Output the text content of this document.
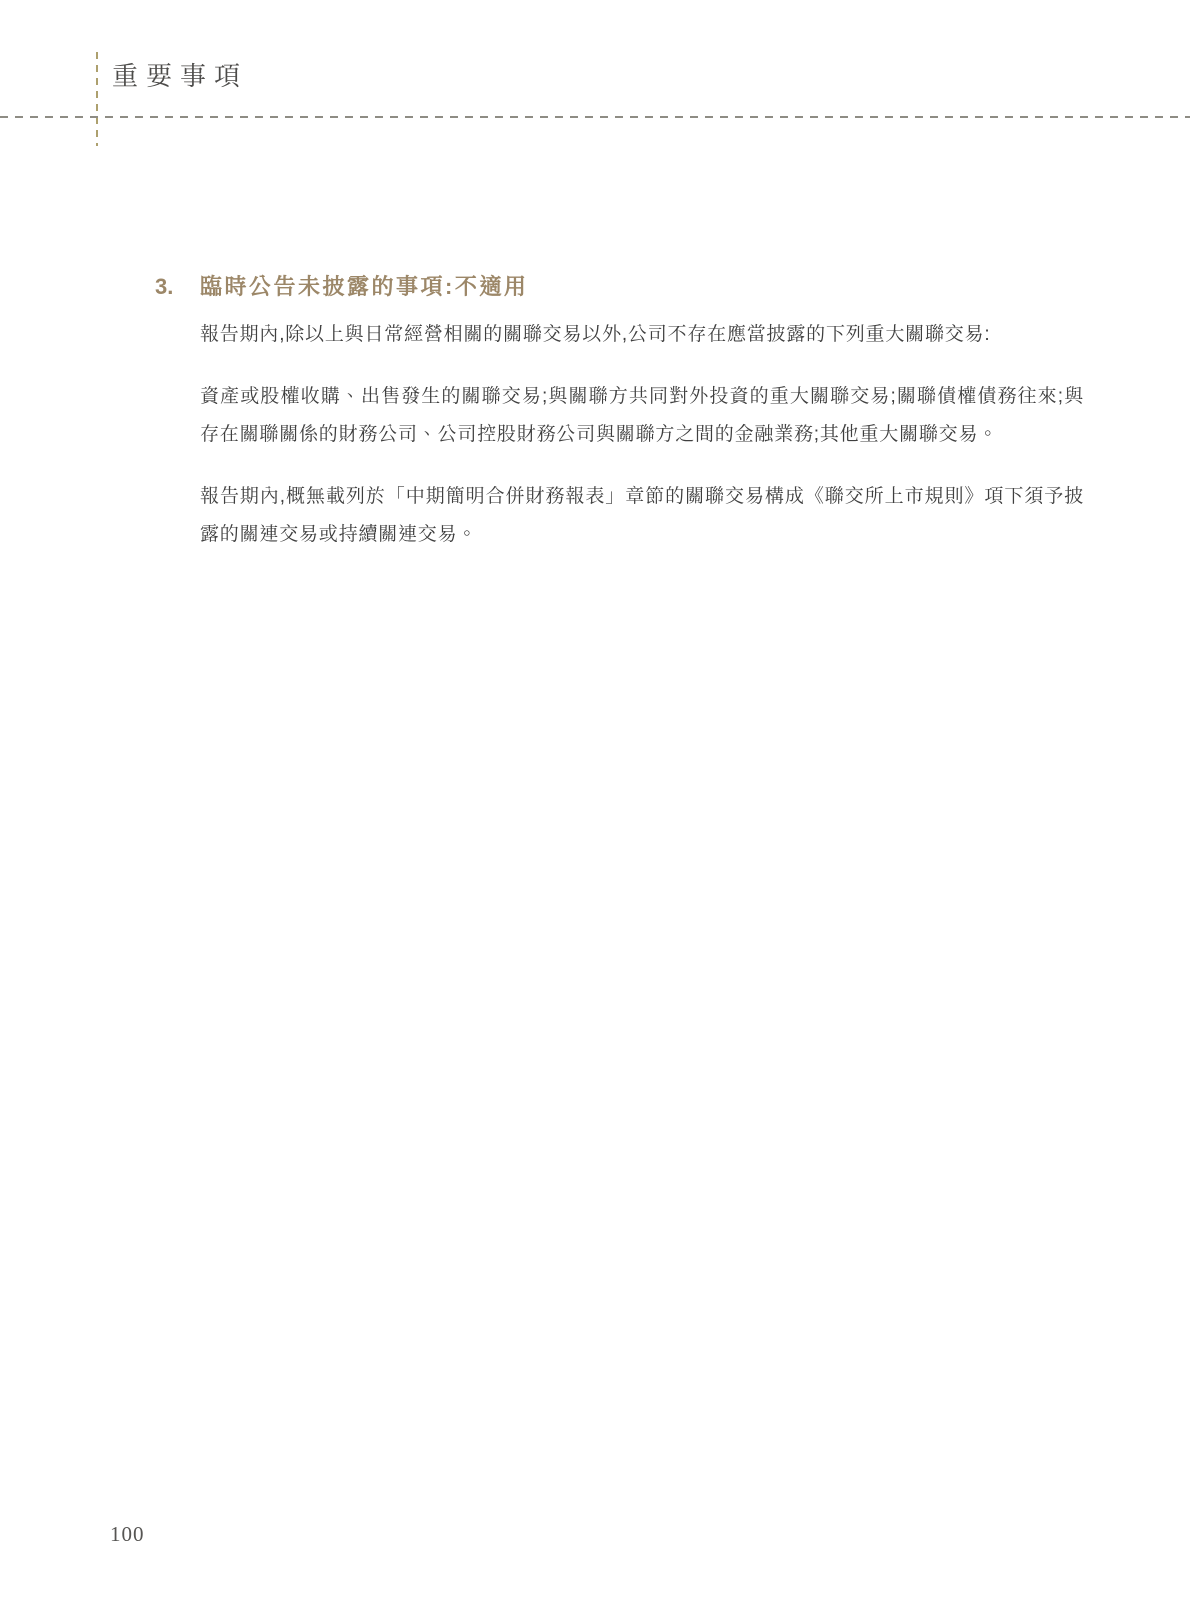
重要事項
3.	臨時公告未披露的事項:不適用

報告期內,除以上與日常經營相關的關聯交易以外,公司不存在應當披露的下列重大關聯交易:

資產或股權收購、出售發生的關聯交易;與關聯方共同對外投資的重大關聯交易;關聯債權債務往來;與存在關聯關係的財務公司、公司控股財務公司與關聯方之間的金融業務;其他重大關聯交易。

報告期內,概無載列於「中期簡明合併財務報表」章節的關聯交易構成《聯交所上市規則》項下須予披露的關連交易或持續關連交易。

100
